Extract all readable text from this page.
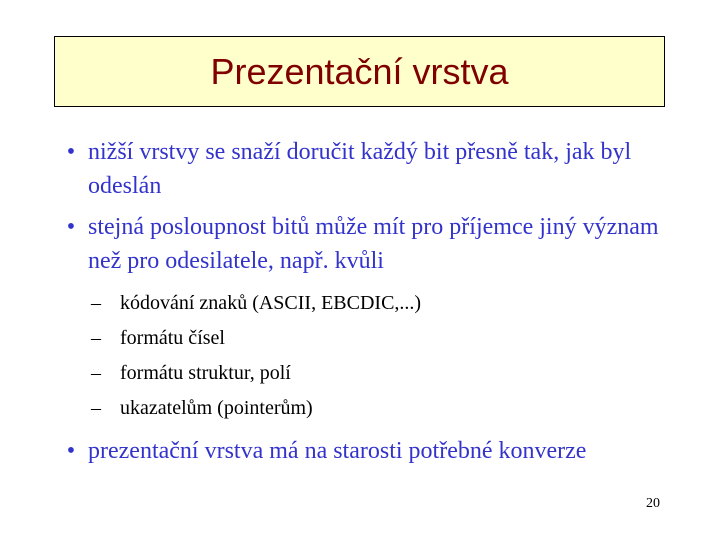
Prezentační vrstva
• nižší vrstvy se snaží doručit každý bit přesně tak, jak byl odeslán
• stejná posloupnost bitů může mít pro příjemce jiný význam než pro odesilatele, např. kvůli
– kódování znaků (ASCII, EBCDIC,...)
– formátu čísel
– formátu struktur, polí
– ukazatelům (pointerům)
• prezentační vrstva má na starosti potřebné konverze
20
